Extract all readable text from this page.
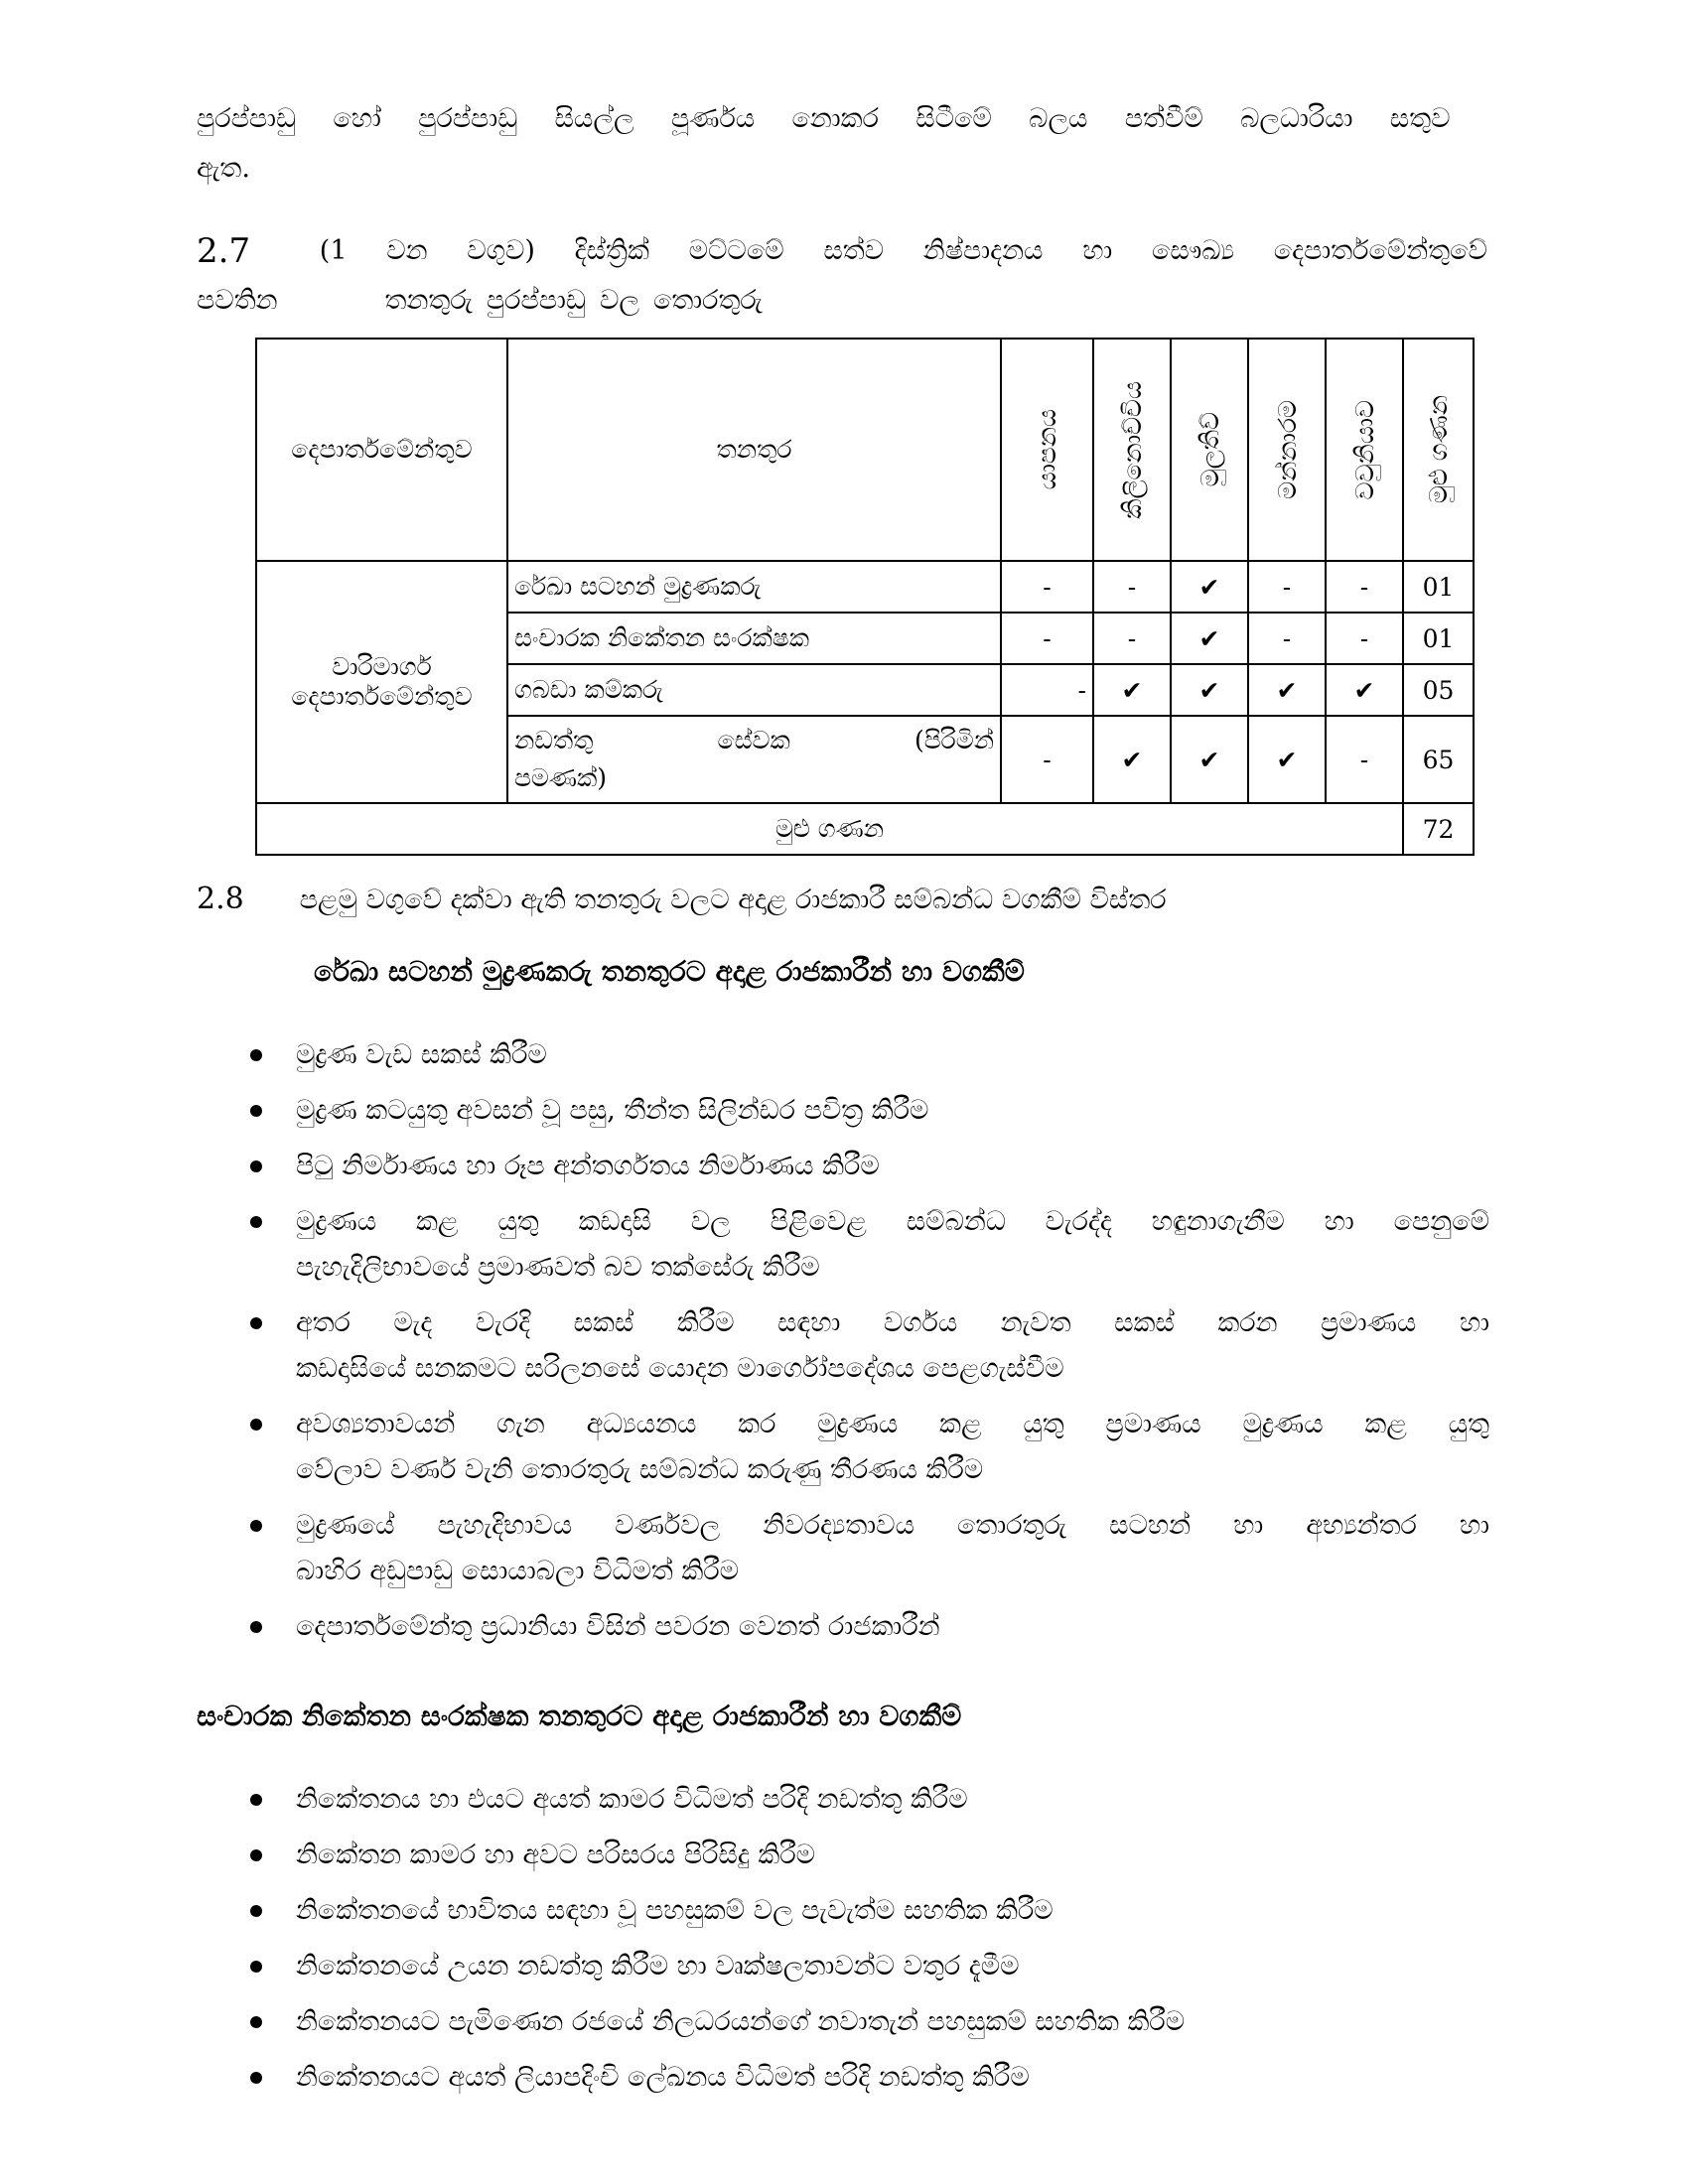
පුරප්පාඩු හෝ පුරප්පාඩු සියල්ල පූර්ණය නොකර සිටීමේ බලය පත්වීම් බලධාරියා සතුව
ඇත.
2.7	(1 වන වගුව) දිස්ත්‍රික් මට්ටමේ සත්ව නිෂ්පාදනය හා සෞඛ්‍ය දෙපාර්තමේන්තුවේ
පවතින	තනතුරු පුරප්පාඩු වල තොරතුරු
දෙපාර්තමේන්තුව	තනතුර	යාපනය	කිලිනොච්චිය	මුලතිව්	මන්නාරම	වවුනියාව	මුළු ගණන

වාරිමාර්ග
දෙපාර්තමේන්තුව	රේඛා සටහන් මුද්‍රණකරු	-	-	✔	-	-	01
	සංචාරක නිකේතන සංරක්ෂක	-	-	✔	-	-	01
	ගබඩා කම්කරු	-	✔	✔	✔	✔	05

	නඩත්තු සේවක (පිරිමින්
පමණක්)	-	✔	✔	✔	-	65
මුළු ගණන							72
2.8 පළමු වගුවේ දක්වා ඇති තනතුරු වලට අදාළ රාජකාරී සම්බන්ධ වගකීම් විස්තර
රේඛා සටහන් මුද්‍රණකරු තනතුරට අදාළ රාජකාරීන් හා වගකීම්
මුද්‍රණ වැඩ සකස් කිරීම
මුද්‍රණ කටයුතු අවසන් වූ පසු, තීන්ත සිලින්ඩර පවිත්‍ර කිරීම
පිටු නිර්මාණය හා රූප අන්තර්ගතය නිර්මාණය කිරීම
මුද්‍රණය කළ යුතු කඩදාසි වල පිළිවෙළ සම්බන්ධ වැරද්ද හඳුනාගැනීම හා පෙනුමේ
පැහැදිලිභාවයේ ප්‍රමාණවත් බව තක්සේරු කිරීම
අතර මැද වැරදි සකස් කිරීම සඳහා වර්ගය නැවත සකස් කරන ප්‍රමාණය හා
කඩදාසියේ සනකමට සරිලනසේ යොදන මාර්ගෝපදේශය පෙළගැස්වීම
අවශ්‍යතාවයන් ගැන අධ්‍යයනය කර මුද්‍රණය කළ යුතු ප්‍රමාණය මුද්‍රණය කළ යුතු
වේලාව වර්ණ වැනි තොරතුරු සම්බන්ධ කරුණු තීරණය කිරීම
මුද්‍රණයේ පැහැදිභාවය වර්ණවල නිවරද්‍යතාවය තොරතුරු සටහන් හා අභ්‍යන්තර හා
බාහිර අඩුපාඩු සොයාබලා විධිමත් කිරීම
දෙපාර්තමේන්තු ප්‍රධානියා විසින් පවරන වෙනත් රාජකාරීන්
සංචාරක නිකේතන සංරක්ෂක තනතුරට අදාළ රාජකාරීන් හා වගකීම්
නිකේතනය හා එයට අයත් කාමර විධිමත් පරිදි නඩත්තු කිරීම
නිකේතන කාමර හා අවට පරිසරය පිරිසිදු කිරීම
නිකේතනයේ භාවිතය සඳහා වූ පහසුකම් වල පැවැත්ම සහතික කිරීම
නිකේතනයේ උයන නඩත්තු කිරීම හා වෘක්ෂලතාවන්ට වතුර දැමීම
නිකේතනයට පැමිණෙන රජයේ නිලධරයන්ගේ නවාතැන් පහසුකම් සහතික කිරීම
නිකේතනයට අයත් ලියාපදිංචි ලේඛනය විධිමත් පරිදි නඩත්තු කිරීම
